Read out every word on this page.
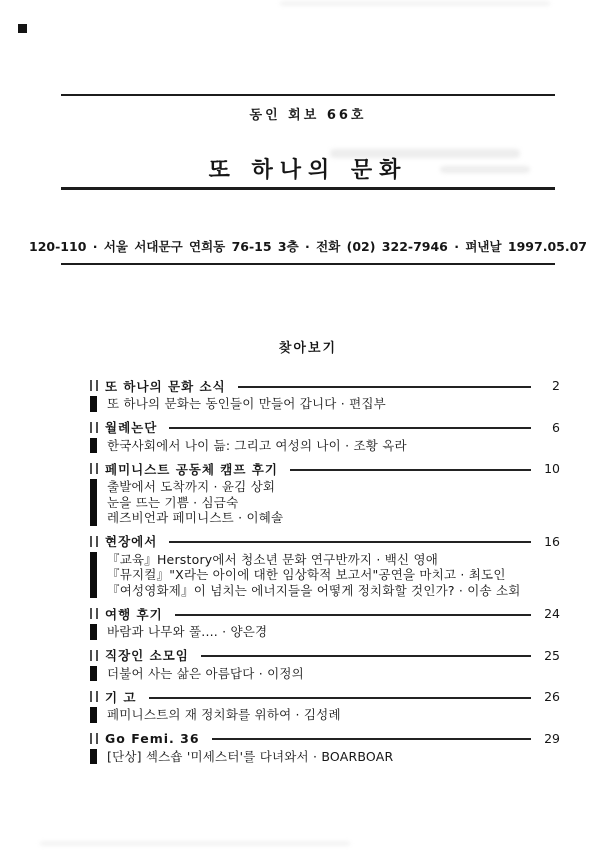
동인 회보 66호
또 하나의 문화
120-110 · 서울 서대문구 연희동 76-15 3층 · 전화 (02) 322-7946 · 펴낸날 1997.05.07
찾아보기
또 하나의 문화 소식	2
또 하나의 문화는 동인들이 만들어 갑니다 · 편집부
월례논단	6
한국사회에서 나이 듦: 그리고 여성의 나이 · 조황 옥라
페미니스트 공동체 캠프 후기	10
출발에서 도착까지 · 윤김 상회
눈을 뜨는 기쁨 · 심금숙
레즈비언과 페미니스트 · 이혜솔
현장에서	16
『교육』Herstory에서 청소년 문화 연구반까지 · 백신 영애
『뮤지컬』"X라는 아이에 대한 임상학적 보고서"공연을 마치고 · 최도인
『여성영화제』이 넘치는 에너지들을 어떻게 정치화할 것인가? · 이송 소회
여행 후기	24
바람과 나무와 풀.... · 양은경
직장인 소모임	25
더불어 사는 삶은 아름답다 · 이정의
기 고	26
페미니스트의 재 정치화를 위하여 · 김성례
Go Femi. 36	29
[단상] 섹스숍 '미세스터'를 다녀와서 · BOARBOAR
